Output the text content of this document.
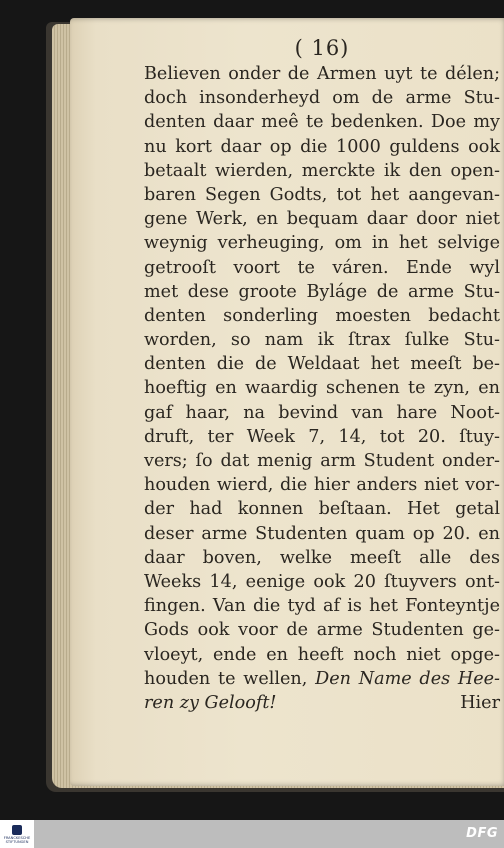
( 16)
Believen onder de Armen uyt te délen;
doch insonderheyd om de arme Stu-
denten daar meê te bedenken. Doe my
nu kort daar op die 1000 guldens ook
betaalt wierden, merckte ik den open-
baren Segen Godts, tot het aangevan-
gene Werk, en bequam daar door niet
weynig verheuging, om in het selvige
getrooſt voort te váren. Ende wyl
met dese groote Byláge de arme Stu-
denten sonderling moesten bedacht
worden, so nam ik ſtrax ſulke Stu-
denten die de Weldaat het meeſt be-
hoeftig en waardig schenen te zyn, en
gaf haar, na bevind van hare Noot-
druft, ter Week 7, 14, tot 20. ſtuy-
vers; ſo dat menig arm Student onder-
houden wierd, die hier anders niet vor-
der had konnen beſtaan. Het getal
deser arme Studenten quam op 20. en
daar boven, welke meeſt alle des
Weeks 14, eenige ook 20 ſtuyvers ont-
fingen. Van die tyd af is het Fonteyntje
Gods ook voor de arme Studenten ge-
vloeyt, ende en heeft noch niet opge-
houden te wellen, Den Name des Hee-
ren zy Gelooft!	Hier
FRANCKESCHE
STIFTUNGEN
DFG
